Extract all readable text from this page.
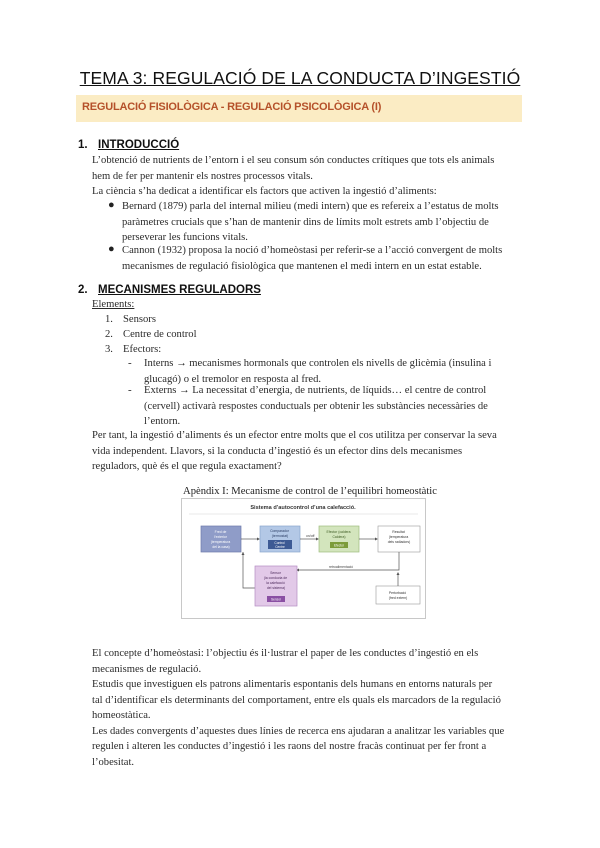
TEMA 3: REGULACIÓ DE LA CONDUCTA D’INGESTIÓ
REGULACIÓ FISIOLÒGICA - REGULACIÓ PSICOLÒGICA (I)
1. INTRODUCCIÓ
L’obtenció de nutrients de l’entorn i el seu consum són conductes crítiques que tots els animals
hem de fer per mantenir els nostres processos vitals.
La ciència s’ha dedicat a identificar els factors que activen la ingestió d’aliments:
● Bernard (1879) parla del internal milieu (medi intern) que es refereix a l’estatus de molts
paràmetres crucials que s’han de mantenir dins de límits molt estrets amb l’objectiu de
perseverar les funcions vitals.
● Cannon (1932) proposa la noció d’homeòstasi per referir-se a l’acció convergent de molts
mecanismes de regulació fisiològica que mantenen el medi intern en un estat estable.
2. MECANISMES REGULADORS
Elements:
1. Sensors
2. Centre de control
3. Efectors:
- Interns → mecanismes hormonals que controlen els nivells de glicèmia (insulina i
glucagó) o el tremolor en resposta al fred.
- Externs → La necessitat d’energia, de nutrients, de líquids… el centre de control
(cervell) activarà respostes conductuals per obtenir les substàncies necessàries de
l’entorn.
Per tant, la ingestió d’aliments és un efector entre molts que el cos utilitza per conservar la seva
vida independent. Llavors, si la conducta d’ingestió és un efector dins dels mecanismes
reguladors, què és el que regula exactament?
Apèndix I: Mecanisme de control de l’equilibri homeostàtic
Sistema d’autocontrol d’una calefacció.
Fred de l’exterior (temperatura del la casa)
Comparador (termostat)
Control Centre
on/off
Efector (caldera Caldera)
Efector
Resultat (temperatura dels radiadors)
retroalimentació
Sensor (la conducta de la calefacció del sistema)
Sensor
Pertorbació (fred extern)
El concepte d’homeòstasi: l’objectiu és il·lustrar el paper de les conductes d’ingestió en els
mecanismes de regulació.
Estudis que investiguen els patrons alimentaris espontanis dels humans en entorns naturals per
tal d’identificar els determinants del comportament, entre els quals els marcadors de la regulació
homeostàtica.
Les dades convergents d’aquestes dues línies de recerca ens ajudaran a analitzar les variables que
regulen i alteren les conductes d’ingestió i les raons del nostre fracàs continuat per fer front a
l’obesitat.
